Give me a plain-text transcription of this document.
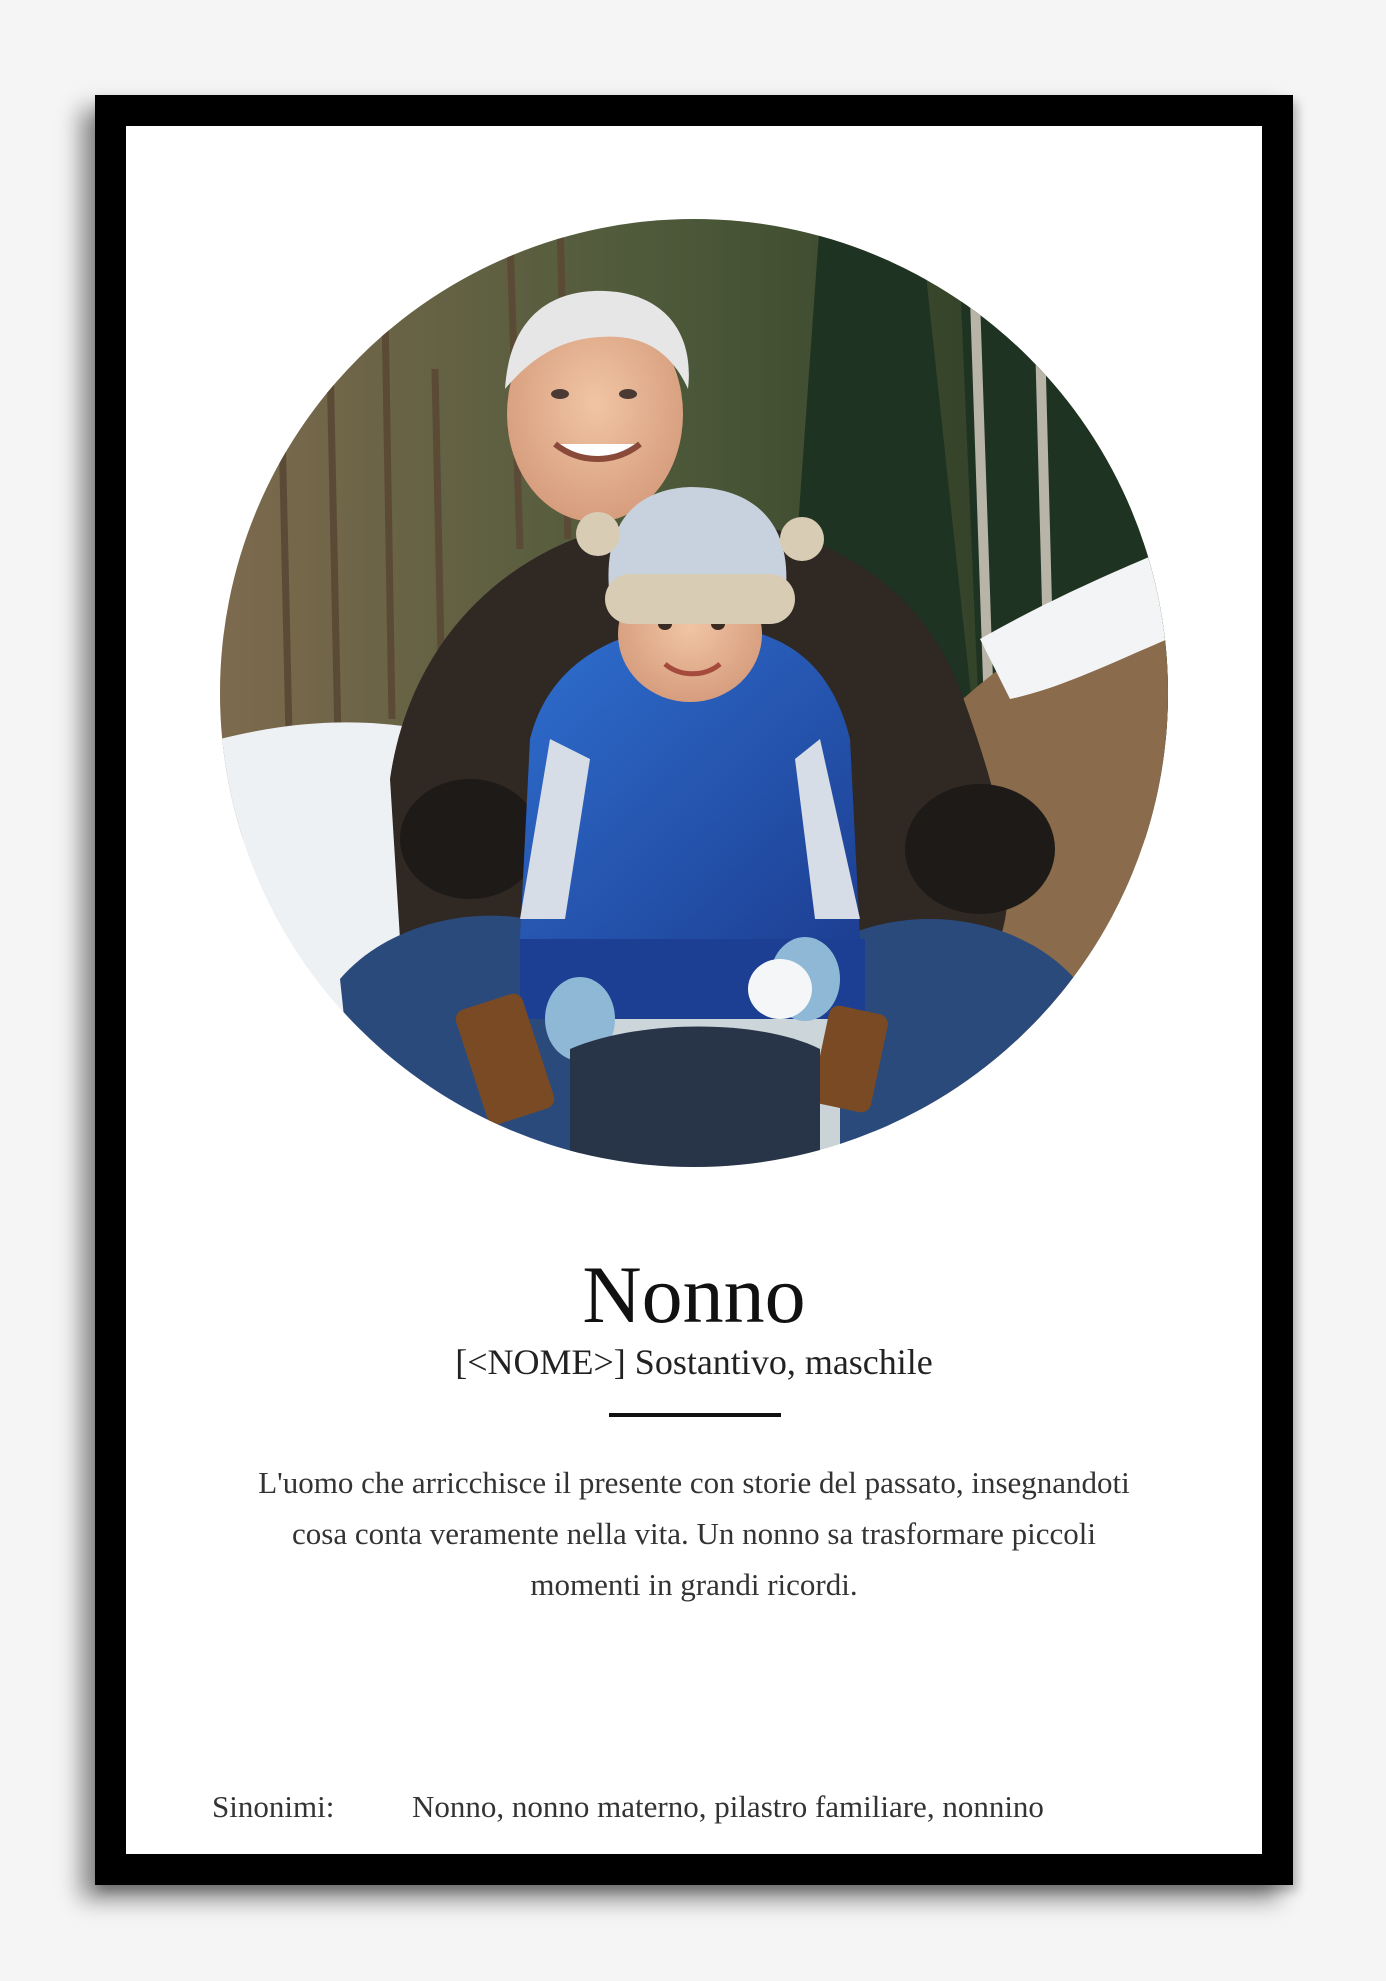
Nonno
[<NOME>] Sostantivo, maschile
L'uomo che arricchisce il presente con storie del passato, insegnandoti cosa conta veramente nella vita. Un nonno sa trasformare piccoli momenti in grandi ricordi.
Sinonimi:	Nonno, nonno materno, pilastro familiare, nonnino
